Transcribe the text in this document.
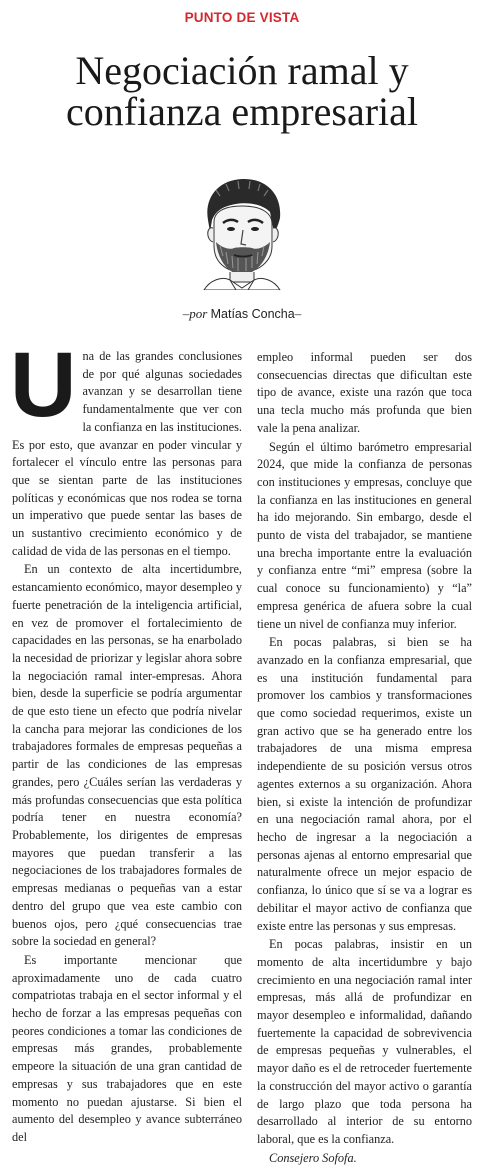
PUNTO DE VISTA
Negociación ramal y
confianza empresarial
–por Matías Concha–

Una de las grandes conclusiones de por qué algunas sociedades avanzan y se desarrollan tiene fundamentalmente que ver con la confianza en las instituciones. Es por esto, que avanzar en poder vincular y fortalecer el vínculo entre las personas para que se sientan parte de las instituciones políticas y económicas que nos rodea se torna un imperativo que puede sentar las bases de un sustantivo crecimiento económico y de calidad de vida de las personas en el tiempo.

En un contexto de alta incertidumbre, estancamiento económico, mayor desempleo y fuerte penetración de la inteligencia artificial, en vez de promover el fortalecimiento de capacidades en las personas, se ha enarbolado la necesidad de priorizar y legislar ahora sobre la negociación ramal inter-empresas. Ahora bien, desde la superficie se podría argumentar de que esto tiene un efecto que podría nivelar la cancha para mejorar las condiciones de los trabajadores formales de empresas pequeñas a partir de las condiciones de las empresas grandes, pero ¿Cuáles serían las verdaderas y más profundas consecuencias que esta política podría tener en nuestra economía? Probablemente, los dirigentes de empresas mayores que puedan transferir a las negociaciones de los trabajadores formales de empresas medianas o pequeñas van a estar dentro del grupo que vea este cambio con buenos ojos, pero ¿qué consecuencias trae sobre la sociedad en general?

Es importante mencionar que aproximadamente uno de cada cuatro compatriotas trabaja en el sector informal y el hecho de forzar a las empresas pequeñas con peores condiciones a tomar las condiciones de empresas más grandes, probablemente empeore la situación de una gran cantidad de empresas y sus trabajadores que en este momento no puedan ajustarse. Si bien el aumento del desempleo y avance subterráneo del

empleo informal pueden ser dos consecuencias directas que dificultan este tipo de avance, existe una razón que toca una tecla mucho más profunda que bien vale la pena analizar.

Según el último barómetro empresarial 2024, que mide la confianza de personas con instituciones y empresas, concluye que la confianza en las instituciones en general ha ido mejorando. Sin embargo, desde el punto de vista del trabajador, se mantiene una brecha importante entre la evaluación y confianza entre “mi” empresa (sobre la cual conoce su funcionamiento) y “la” empresa genérica de afuera sobre la cual tiene un nivel de confianza muy inferior.

En pocas palabras, si bien se ha avanzado en la confianza empresarial, que es una institución fundamental para promover los cambios y transformaciones que como sociedad requerimos, existe un gran activo que se ha generado entre los trabajadores de una misma empresa independiente de su posición versus otros agentes externos a su organización. Ahora bien, si existe la intención de profundizar en una negociación ramal ahora, por el hecho de ingresar a la negociación a personas ajenas al entorno empresarial que naturalmente ofrece un mejor espacio de confianza, lo único que sí se va a lograr es debilitar el mayor activo de confianza que existe entre las personas y sus empresas.

En pocas palabras, insistir en un momento de alta incertidumbre y bajo crecimiento en una negociación ramal inter empresas, más allá de profundizar en mayor desempleo e informalidad, dañando fuertemente la capacidad de sobrevivencia de empresas pequeñas y vulnerables, el mayor daño es el de retroceder fuertemente la construcción del mayor activo o garantía de largo plazo que toda persona ha desarrollado al interior de su entorno laboral, que es la confianza.

Consejero Sofofa.
